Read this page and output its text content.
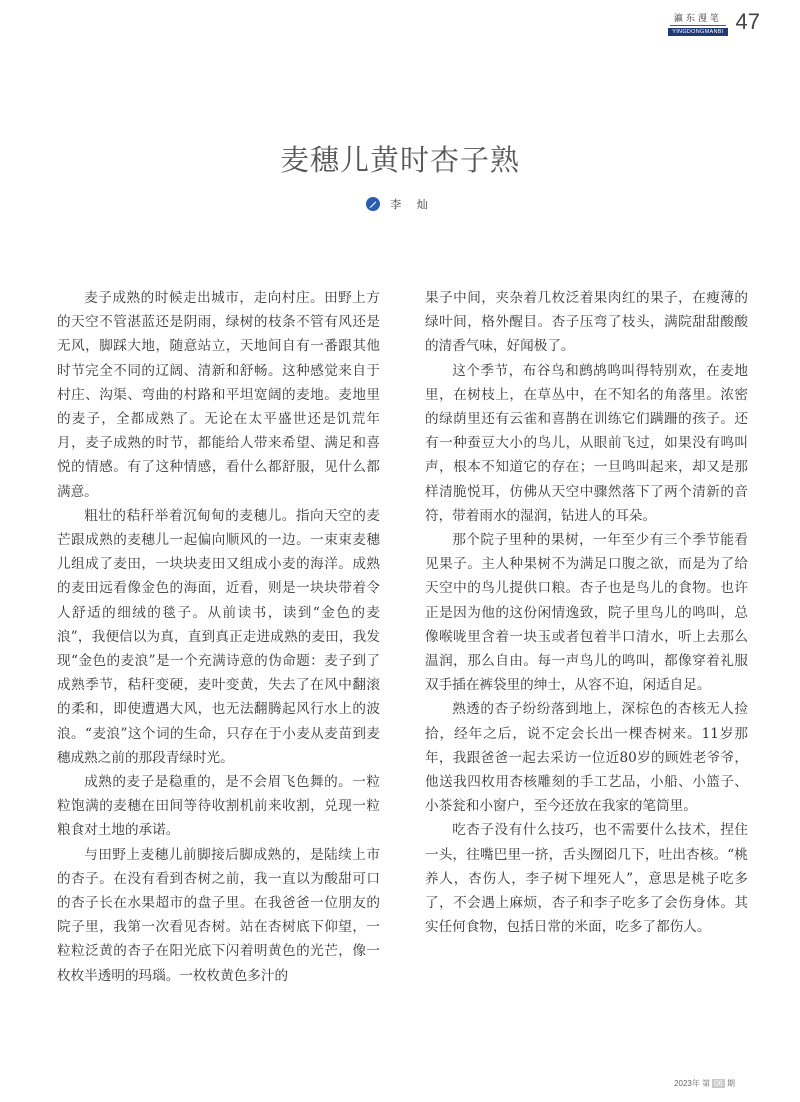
瀛东漫笔
YINGDONGMANBI 47
麦穗儿黄时杏子熟
李 灿

麦子成熟的时候走出城市，走向村庄。田野上方的天空不管湛蓝还是阴雨，绿树的枝条不管有风还是无风，脚踩大地，随意站立，天地间自有一番跟其他时节完全不同的辽阔、清新和舒畅。这种感觉来自于村庄、沟渠、弯曲的村路和平坦宽阔的麦地。麦地里的麦子，全都成熟了。无论在太平盛世还是饥荒年月，麦子成熟的时节，都能给人带来希望、满足和喜悦的情感。有了这种情感，看什么都舒服，见什么都满意。

粗壮的秸秆举着沉甸甸的麦穗儿。指向天空的麦芒跟成熟的麦穗儿一起偏向顺风的一边。一束束麦穗儿组成了麦田，一块块麦田又组成小麦的海洋。成熟的麦田远看像金色的海面，近看，则是一块块带着令人舒适的细绒的毯子。从前读书，读到“金色的麦浪”，我便信以为真，直到真正走进成熟的麦田，我发现“金色的麦浪”是一个充满诗意的伪命题：麦子到了成熟季节，秸秆变硬，麦叶变黄，失去了在风中翻滚的柔和，即使遭遇大风，也无法翻腾起风行水上的波浪。“麦浪”这个词的生命，只存在于小麦从麦苗到麦穗成熟之前的那段青绿时光。

成熟的麦子是稳重的，是不会眉飞色舞的。一粒粒饱满的麦穗在田间等待收割机前来收割，兑现一粒粮食对土地的承诺。

与田野上麦穗儿前脚接后脚成熟的，是陆续上市的杏子。在没有看到杏树之前，我一直以为酸甜可口的杏子长在水果超市的盘子里。在我爸爸一位朋友的院子里，我第一次看见杏树。站在杏树底下仰望，一粒粒泛黄的杏子在阳光底下闪着明黄色的光芒，像一枚枚半透明的玛瑙。一枚枚黄色多汁的

果子中间，夹杂着几枚泛着果肉红的果子，在瘦薄的绿叶间，格外醒目。杏子压弯了枝头，满院甜甜酸酸的清香气味，好闻极了。

这个季节，布谷鸟和鹧鸪鸣叫得特别欢，在麦地里，在树枝上，在草丛中，在不知名的角落里。浓密的绿荫里还有云雀和喜鹊在训练它们蹒跚的孩子。还有一种蚕豆大小的鸟儿，从眼前飞过，如果没有鸣叫声，根本不知道它的存在；一旦鸣叫起来，却又是那样清脆悦耳，仿佛从天空中骤然落下了两个清新的音符，带着雨水的湿润，钻进人的耳朵。

那个院子里种的果树，一年至少有三个季节能看见果子。主人种果树不为满足口腹之欲，而是为了给天空中的鸟儿提供口粮。杏子也是鸟儿的食物。也许正是因为他的这份闲情逸致，院子里鸟儿的鸣叫，总像喉咙里含着一块玉或者包着半口清水，听上去那么温润，那么自由。每一声鸟儿的鸣叫，都像穿着礼服双手插在裤袋里的绅士，从容不迫，闲适自足。

熟透的杏子纷纷落到地上，深棕色的杏核无人捡拾，经年之后，说不定会长出一棵杏树来。11岁那年，我跟爸爸一起去采访一位近80岁的顾姓老爷爷，他送我四枚用杏核雕刻的手工艺品，小船、小篮子、小茶瓮和小窗户，至今还放在我家的笔筒里。

吃杏子没有什么技巧，也不需要什么技术，捏住一头，往嘴巴里一挤，舌头囫囵几下，吐出杏核。“桃养人，杏伤人，李子树下埋死人”，意思是桃子吃多了，不会遇上麻烦，杏子和李子吃多了会伤身体。其实任何食物，包括日常的米面，吃多了都伤人。

2023年 第 06 期
